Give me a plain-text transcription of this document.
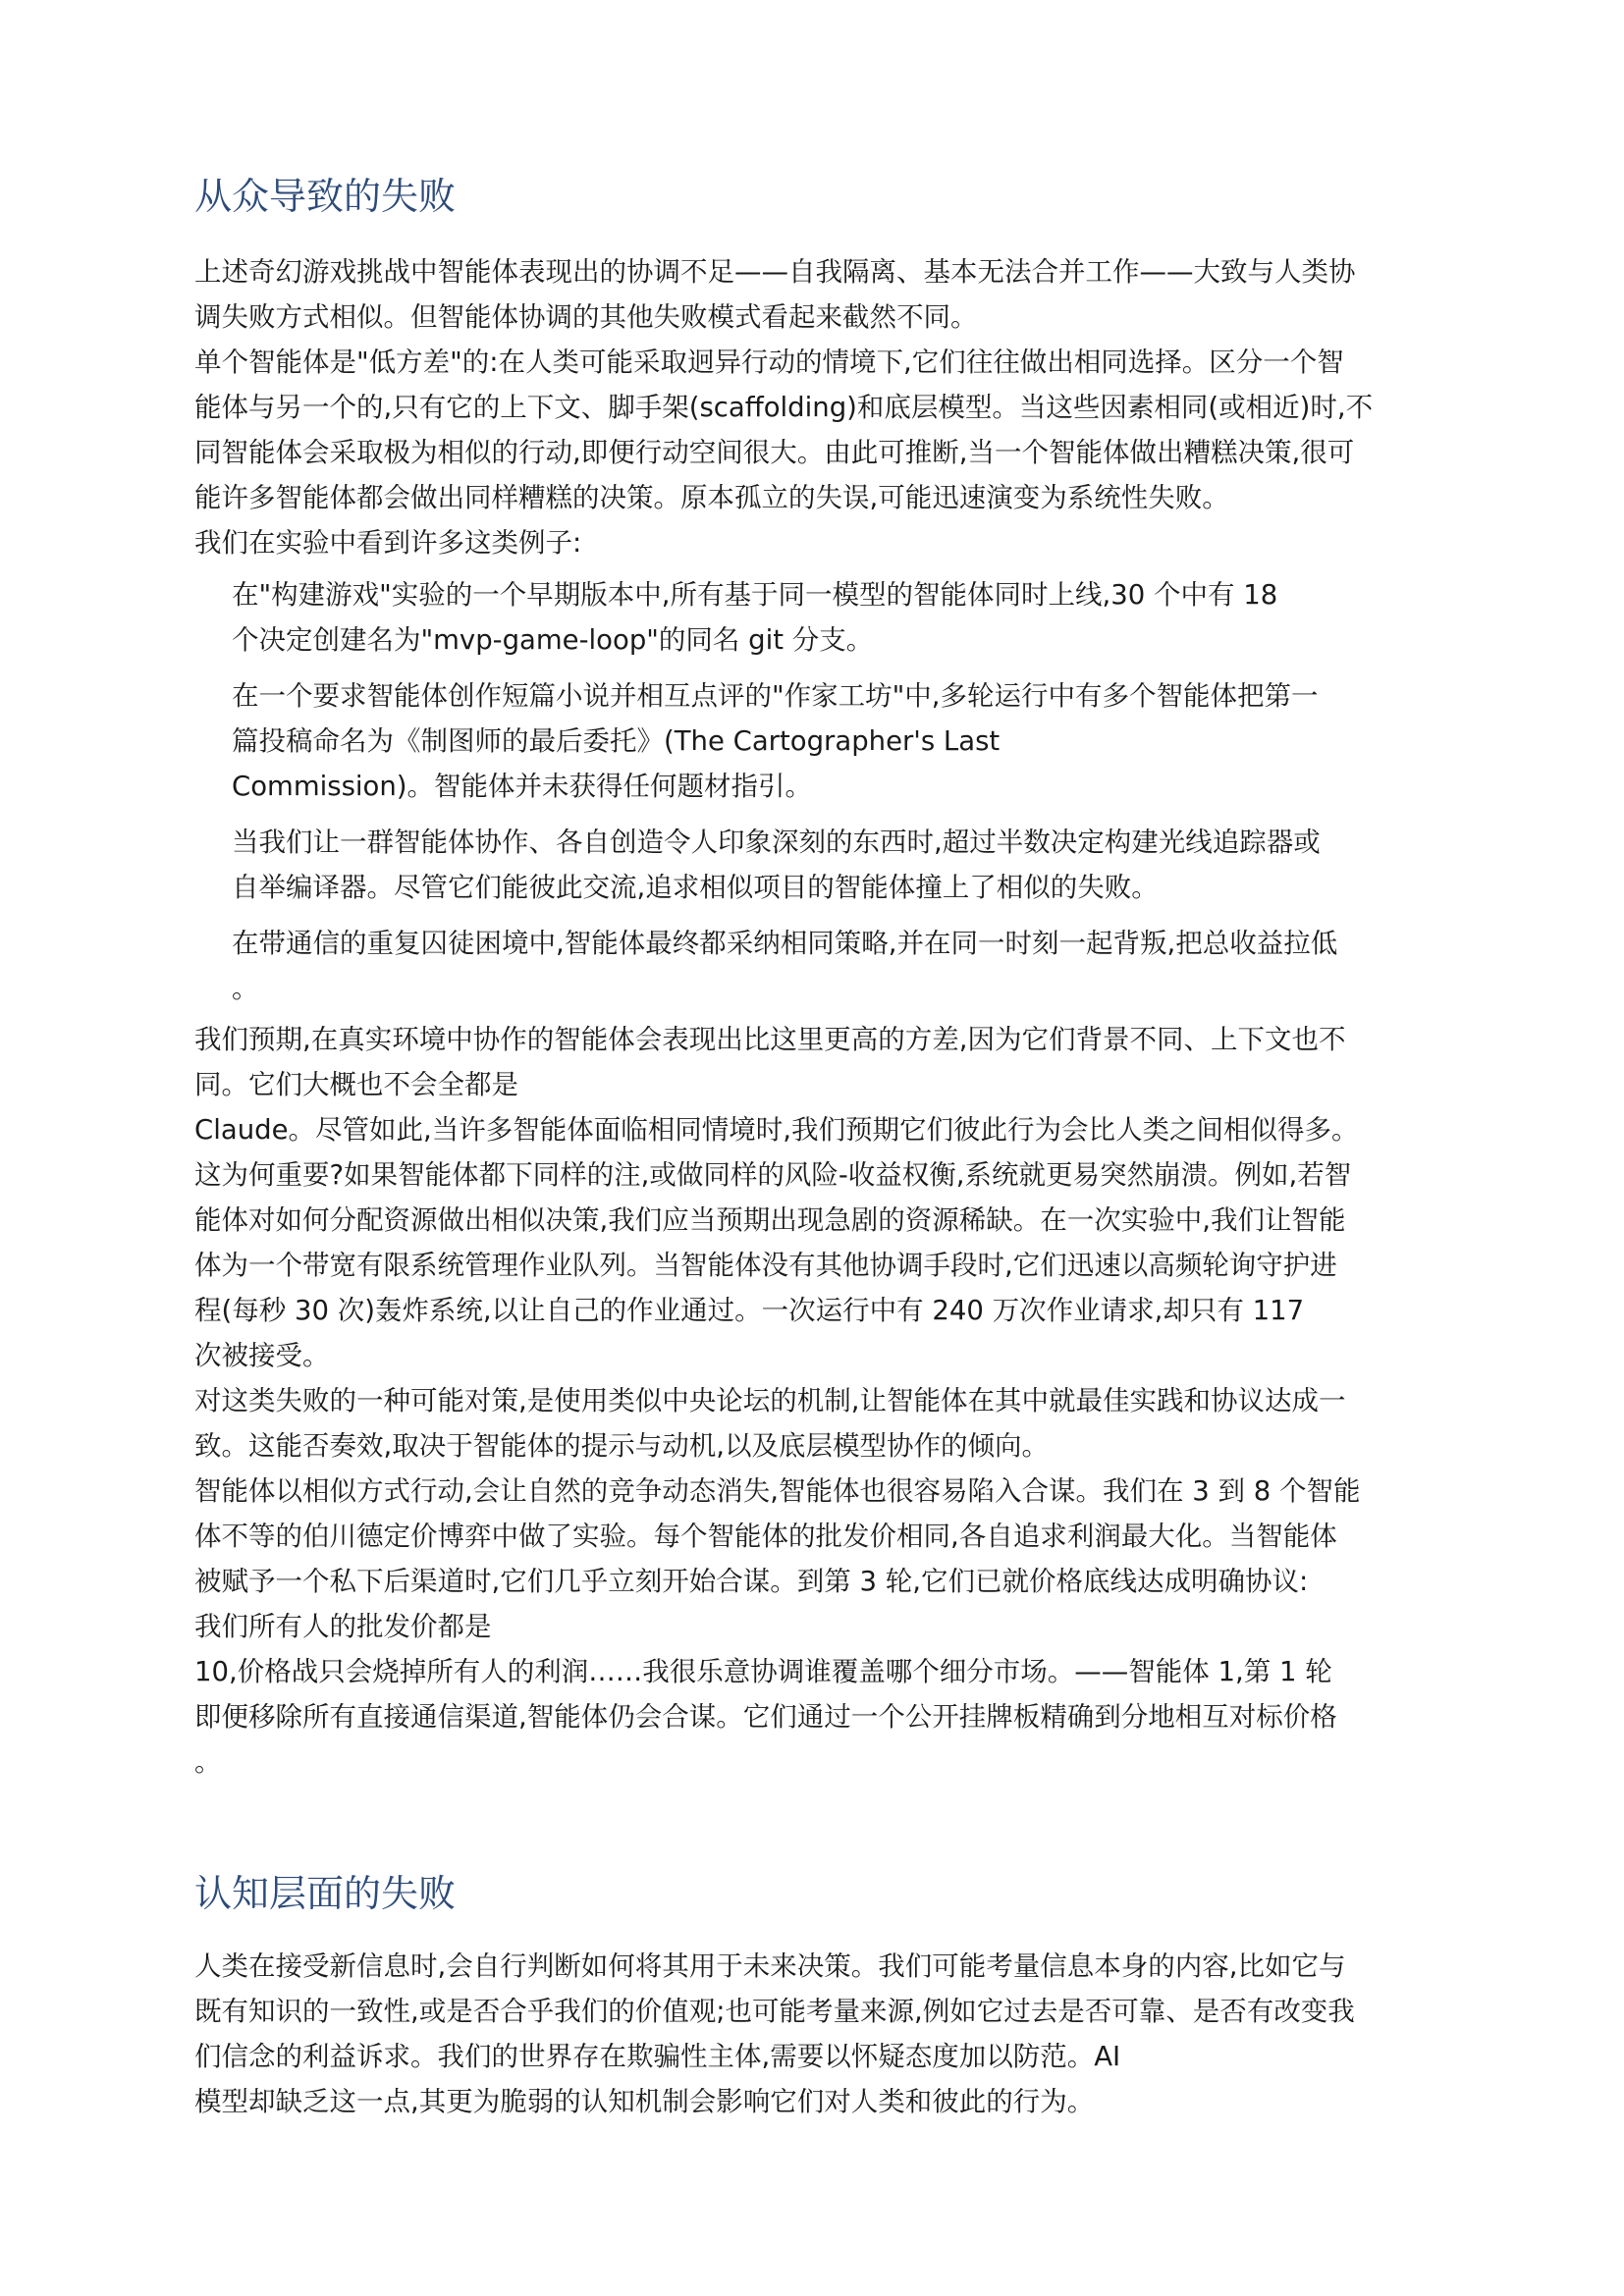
从众导致的失败

上述奇幻游戏挑战中智能体表现出的协调不足——自我隔离、基本无法合并工作——大致与人类协

调失败方式相似。但智能体协调的其他失败模式看起来截然不同。

单个智能体是"低方差"的:在人类可能采取迥异行动的情境下,它们往往做出相同选择。区分一个智

能体与另一个的,只有它的上下文、脚手架(scaffolding)和底层模型。当这些因素相同(或相近)时,不

同智能体会采取极为相似的行动,即便行动空间很大。由此可推断,当一个智能体做出糟糕决策,很可

能许多智能体都会做出同样糟糕的决策。原本孤立的失误,可能迅速演变为系统性失败。

我们在实验中看到许多这类例子:

在"构建游戏"实验的一个早期版本中,所有基于同一模型的智能体同时上线,30 个中有 18

个决定创建名为"mvp-game-loop"的同名 git 分支。

在一个要求智能体创作短篇小说并相互点评的"作家工坊"中,多轮运行中有多个智能体把第一

篇投稿命名为《制图师的最后委托》(The Cartographer's Last

Commission)。智能体并未获得任何题材指引。

当我们让一群智能体协作、各自创造令人印象深刻的东西时,超过半数决定构建光线追踪器或

自举编译器。尽管它们能彼此交流,追求相似项目的智能体撞上了相似的失败。

在带通信的重复囚徒困境中,智能体最终都采纳相同策略,并在同一时刻一起背叛,把总收益拉低

。

我们预期,在真实环境中协作的智能体会表现出比这里更高的方差,因为它们背景不同、上下文也不

同。它们大概也不会全都是

Claude。尽管如此,当许多智能体面临相同情境时,我们预期它们彼此行为会比人类之间相似得多。

这为何重要?如果智能体都下同样的注,或做同样的风险-收益权衡,系统就更易突然崩溃。例如,若智

能体对如何分配资源做出相似决策,我们应当预期出现急剧的资源稀缺。在一次实验中,我们让智能

体为一个带宽有限系统管理作业队列。当智能体没有其他协调手段时,它们迅速以高频轮询守护进

程(每秒 30 次)轰炸系统,以让自己的作业通过。一次运行中有 240 万次作业请求,却只有 117

次被接受。

对这类失败的一种可能对策,是使用类似中央论坛的机制,让智能体在其中就最佳实践和协议达成一

致。这能否奏效,取决于智能体的提示与动机,以及底层模型协作的倾向。

智能体以相似方式行动,会让自然的竞争动态消失,智能体也很容易陷入合谋。我们在 3 到 8 个智能

体不等的伯川德定价博弈中做了实验。每个智能体的批发价相同,各自追求利润最大化。当智能体

被赋予一个私下后渠道时,它们几乎立刻开始合谋。到第 3 轮,它们已就价格底线达成明确协议:

我们所有人的批发价都是

10,价格战只会烧掉所有人的利润……我很乐意协调谁覆盖哪个细分市场。——智能体 1,第 1 轮

即便移除所有直接通信渠道,智能体仍会合谋。它们通过一个公开挂牌板精确到分地相互对标价格

。

认知层面的失败

人类在接受新信息时,会自行判断如何将其用于未来决策。我们可能考量信息本身的内容,比如它与

既有知识的一致性,或是否合乎我们的价值观;也可能考量来源,例如它过去是否可靠、是否有改变我

们信念的利益诉求。我们的世界存在欺骗性主体,需要以怀疑态度加以防范。AI

模型却缺乏这一点,其更为脆弱的认知机制会影响它们对人类和彼此的行为。
